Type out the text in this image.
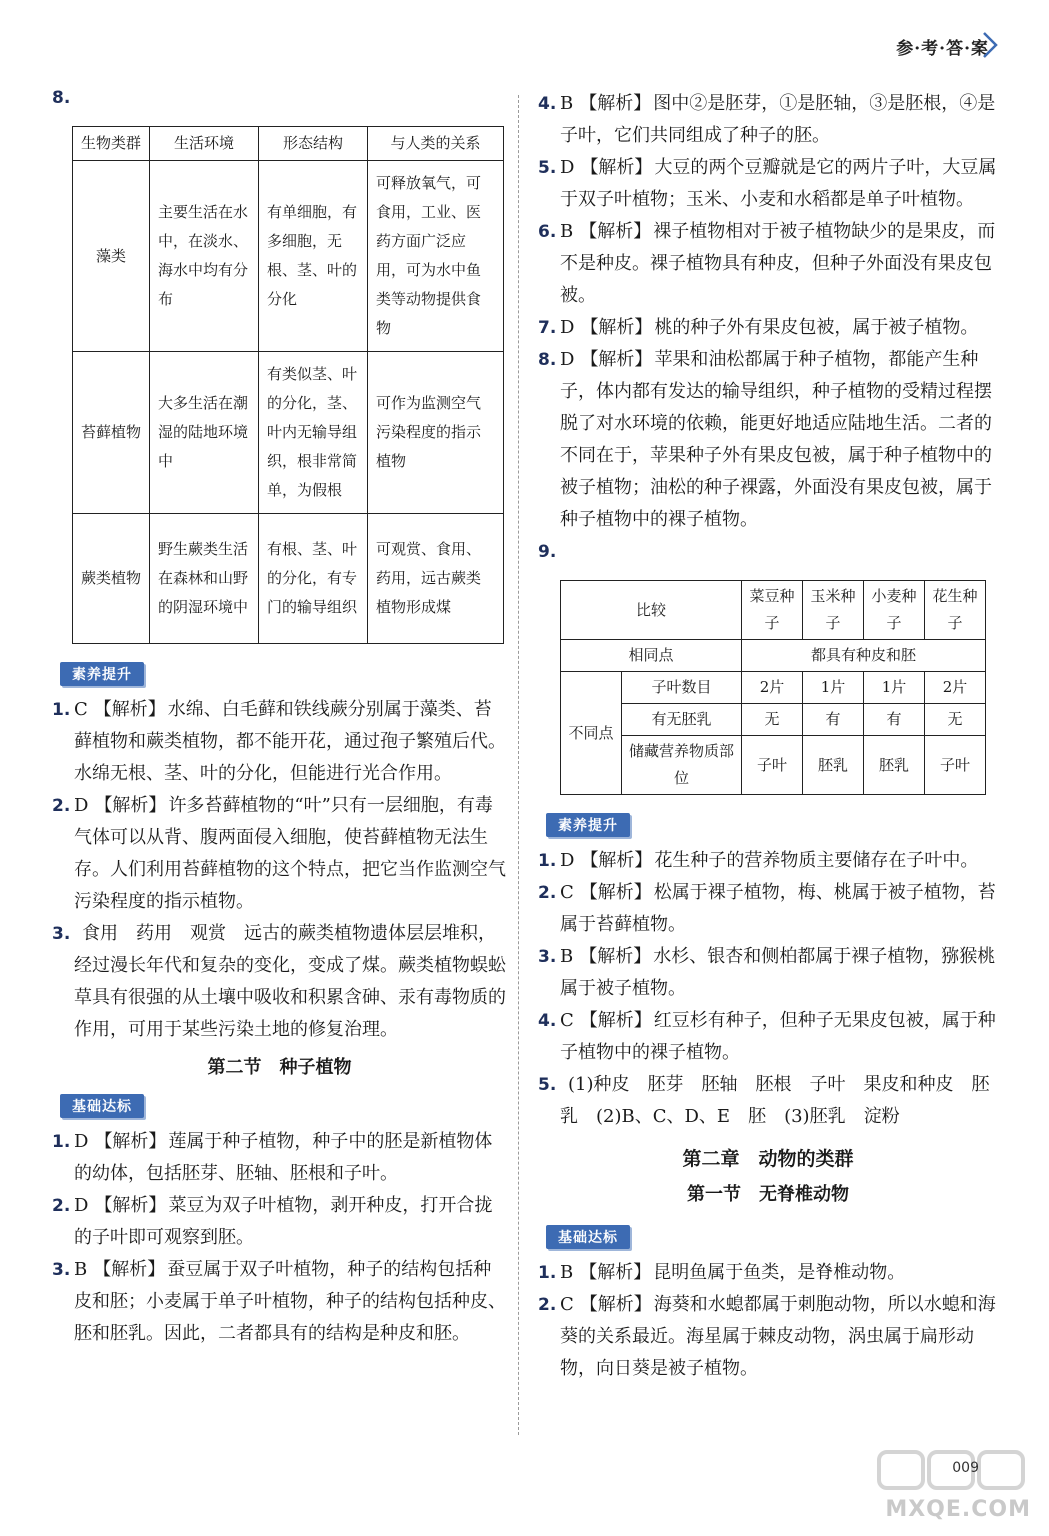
参·考·答·案
8.
生物类群	生活环境	形态结构	与人类的关系
藻类	主要生活在水中，在淡水、海水中均有分布	有单细胞，有多细胞，无根、茎、叶的分化	可释放氧气，可食用，工业、医药方面广泛应用，可为水中鱼类等动物提供食物
苔藓植物	大多生活在潮湿的陆地环境中	有类似茎、叶的分化，茎、叶内无输导组织，根非常简单，为假根	可作为监测空气污染程度的指示植物
蕨类植物	野生蕨类生活在森林和山野的阴湿环境中	有根、茎、叶的分化，有专门的输导组织	可观赏、食用、药用，远古蕨类植物形成煤
素养提升
1. C 【解析】 水绵、白毛藓和铁线蕨分别属于藻类、苔藓植物和蕨类植物，都不能开花，通过孢子繁殖后代。水绵无根、茎、叶的分化，但能进行光合作用。
2. D 【解析】 许多苔藓植物的“叶”只有一层细胞，有毒气体可以从背、腹两面侵入细胞，使苔藓植物无法生存。人们利用苔藓植物的这个特点，把它当作监测空气污染程度的指示植物。
3. 食用　药用　观赏　远古的蕨类植物遗体层层堆积，经过漫长年代和复杂的变化，变成了煤。蕨类植物蜈蚣草具有很强的从土壤中吸收和积累含砷、汞有毒物质的作用，可用于某些污染土地的修复治理。
第二节　种子植物
基础达标
1. D 【解析】 莲属于种子植物，种子中的胚是新植物体的幼体，包括胚芽、胚轴、胚根和子叶。
2. D 【解析】 菜豆为双子叶植物，剥开种皮，打开合拢的子叶即可观察到胚。
3. B 【解析】 蚕豆属于双子叶植物，种子的结构包括种皮和胚；小麦属于单子叶植物，种子的结构包括种皮、胚和胚乳。因此，二者都具有的结构是种皮和胚。
4. B 【解析】 图中②是胚芽，①是胚轴，③是胚根，④是子叶，它们共同组成了种子的胚。
5. D 【解析】 大豆的两个豆瓣就是它的两片子叶，大豆属于双子叶植物；玉米、小麦和水稻都是单子叶植物。
6. B 【解析】 裸子植物相对于被子植物缺少的是果皮，而不是种皮。裸子植物具有种皮，但种子外面没有果皮包被。
7. D 【解析】 桃的种子外有果皮包被，属于被子植物。
8. D 【解析】 苹果和油松都属于种子植物，都能产生种子，体内都有发达的输导组织，种子植物的受精过程摆脱了对水环境的依赖，能更好地适应陆地生活。二者的不同在于，苹果种子外有果皮包被，属于种子植物中的被子植物；油松的种子裸露，外面没有果皮包被，属于种子植物中的裸子植物。
9.
比较		菜豆种子	玉米种子	小麦种子	花生种子
相同点		都具有种皮和胚			
不同点	子叶数目	2片	1片	1片	2片
	有无胚乳	无	有	有	无
	储藏营养物质部位	子叶	胚乳	胚乳	子叶
素养提升
1. D 【解析】 花生种子的营养物质主要储存在子叶中。
2. C 【解析】 松属于裸子植物，梅、桃属于被子植物，苔属于苔藓植物。
3. B 【解析】 水杉、银杏和侧柏都属于裸子植物，猕猴桃属于被子植物。
4. C 【解析】 红豆杉有种子，但种子无果皮包被，属于种子植物中的裸子植物。
5. (1)种皮　胚芽　胚轴　胚根　子叶　果皮和种皮　胚乳　(2)B、C、D、E　胚　(3)胚乳　淀粉
第二章　动物的类群
第一节　无脊椎动物
基础达标
1. B 【解析】 昆明鱼属于鱼类，是脊椎动物。
2. C 【解析】 海葵和水螅都属于刺胞动物，所以水螅和海葵的关系最近。海星属于棘皮动物，涡虫属于扁形动物，向日葵是被子植物。
009
MXQE.COM
